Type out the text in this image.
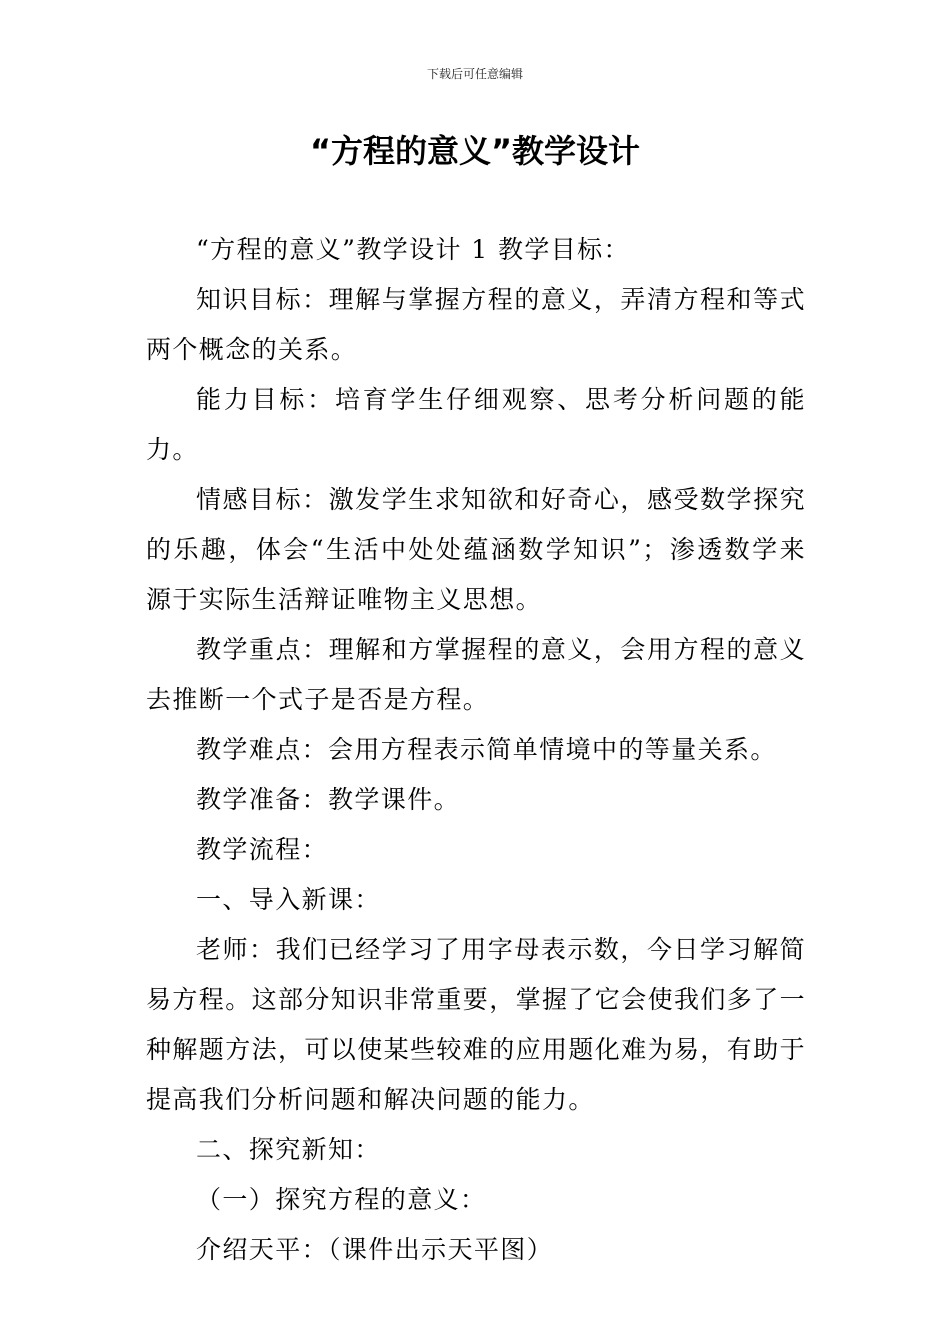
下载后可任意编辑
“方程的意义”教学设计

“方程的意义”教学设计 1 教学目标：

知识目标：理解与掌握方程的意义，弄清方程和等式两个概念的关系。

能力目标：培育学生仔细观察、思考分析问题的能力。

情感目标：激发学生求知欲和好奇心，感受数学探究的乐趣，体会“生活中处处蕴涵数学知识”；渗透数学来源于实际生活辩证唯物主义思想。

教学重点：理解和方掌握程的意义，会用方程的意义去推断一个式子是否是方程。

教学难点：会用方程表示简单情境中的等量关系。

教学准备：教学课件。

教学流程：

一、导入新课：

老师：我们已经学习了用字母表示数，今日学习解简易方程。这部分知识非常重要，掌握了它会使我们多了一种解题方法，可以使某些较难的应用题化难为易，有助于提高我们分析问题和解决问题的能力。

二、探究新知：

（一）探究方程的意义：

介绍天平：（课件出示天平图）
